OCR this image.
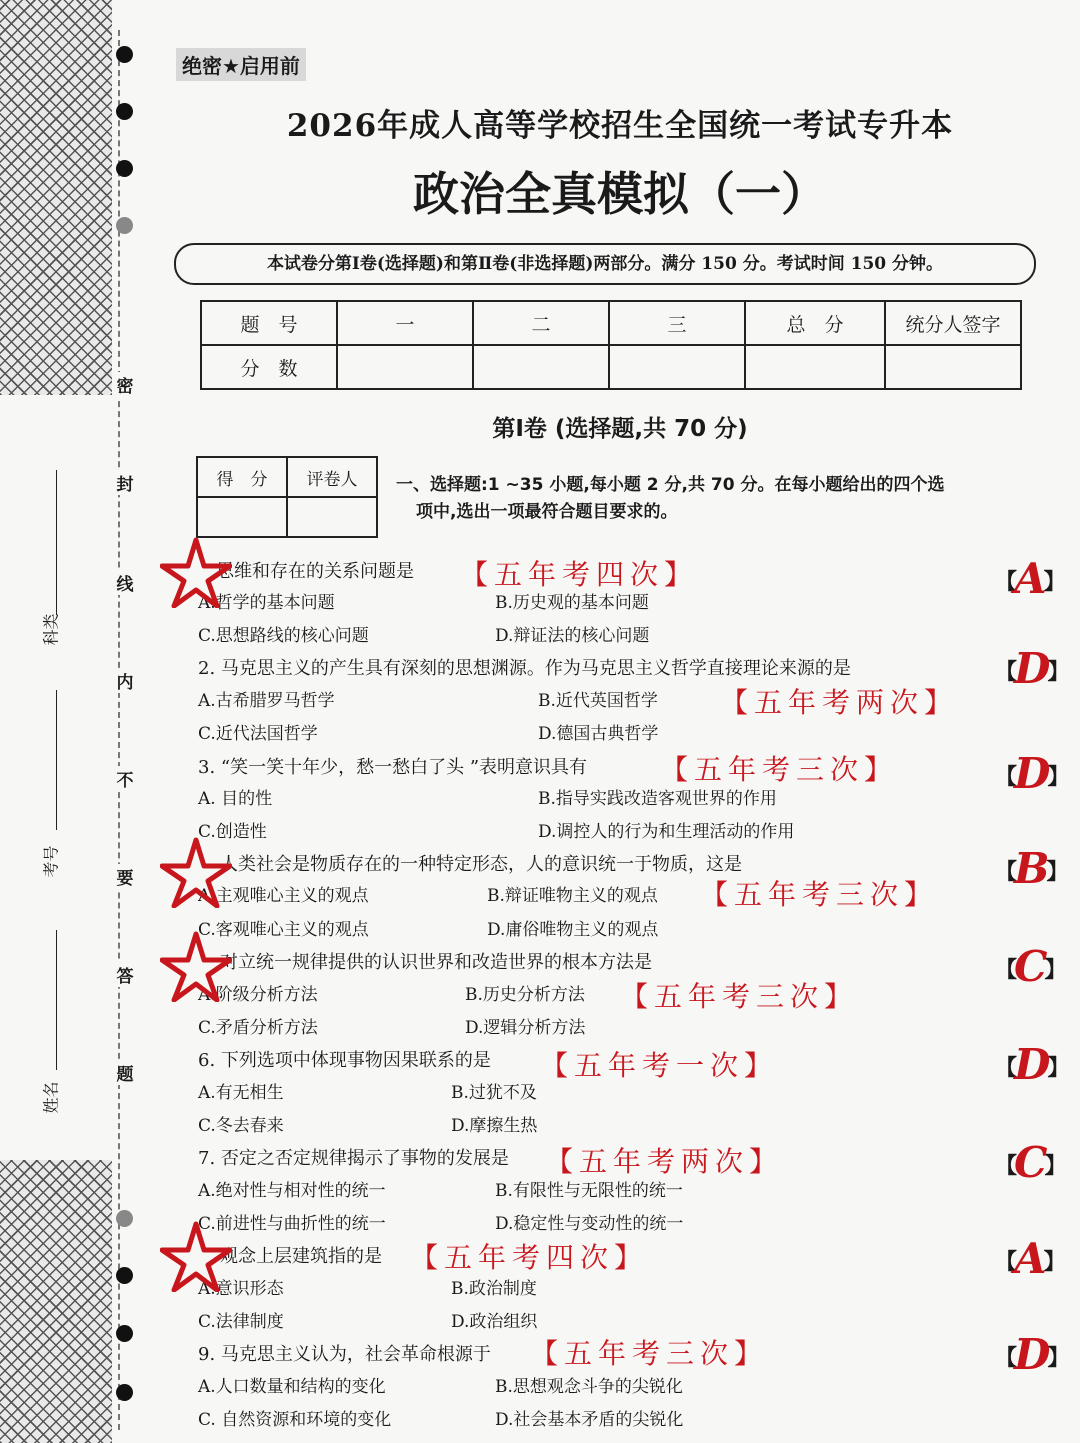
密
封
线
内
不
要
答
题
科类
考号
姓名
绝密★启用前
2026年成人高等学校招生全国统一考试专升本
政治全真模拟（一）
本试卷分第Ⅰ卷(选择题)和第Ⅱ卷(非选择题)两部分。满分 150 分。考试时间 150 分钟。
题　号	一	二	三	总　分	统分人签字
分　数					
第Ⅰ卷 (选择题,共 70 分)
得　分	评卷人
	一、选择题:1 ~35 小题,每小题 2 分,共 70 分。在每小题给出的四个选
项中,选出一项最符合题目要求的。
思维和存在的关系问题是 【五年考四次】	【A】
A.哲学的基本问题	B.历史观的基本问题
C.思想路线的核心问题	D.辩证法的核心问题
2. 马克思主义的产生具有深刻的思想渊源。作为马克思主义哲学直接理论来源的是
【五年考两次】
【D】
A.古希腊罗马哲学	B.近代英国哲学
C.近代法国哲学	D.德国古典哲学
3. “笑一笑十年少，愁一愁白了头 ”表明意识具有	【五年考三次】	【D】
A. 目的性	B.指导实践改造客观世界的作用
C.创造性	D.调控人的行为和生理活动的作用
人类社会是物质存在的一种特定形态，人的意识统一于物质，这是
【五年考三次】
【B】
A.主观唯心主义的观点	B.辩证唯物主义的观点
C.客观唯心主义的观点	D.庸俗唯物主义的观点
对立统一规律提供的认识世界和改造世界的根本方法是
【五年考三次】
【C】
A.阶级分析方法	B.历史分析方法
C.矛盾分析方法	D.逻辑分析方法
6. 下列选项中体现事物因果联系的是 【五年考一次】	【D】
A.有无相生	B.过犹不及
C.冬去春来	D.摩擦生热
7. 否定之否定规律揭示了事物的发展是 【五年考两次】	【C】
A.绝对性与相对性的统一	B.有限性与无限性的统一
C.前进性与曲折性的统一	D.稳定性与变动性的统一
观念上层建筑指的是 【五年考四次】	【A】
A.意识形态	B.政治制度
C.法律制度	D.政治组织
9. 马克思主义认为，社会革命根源于 【五年考三次】	【D】
A.人口数量和结构的变化	B.思想观念斗争的尖锐化
C. 自然资源和环境的变化	D.社会基本矛盾的尖锐化
